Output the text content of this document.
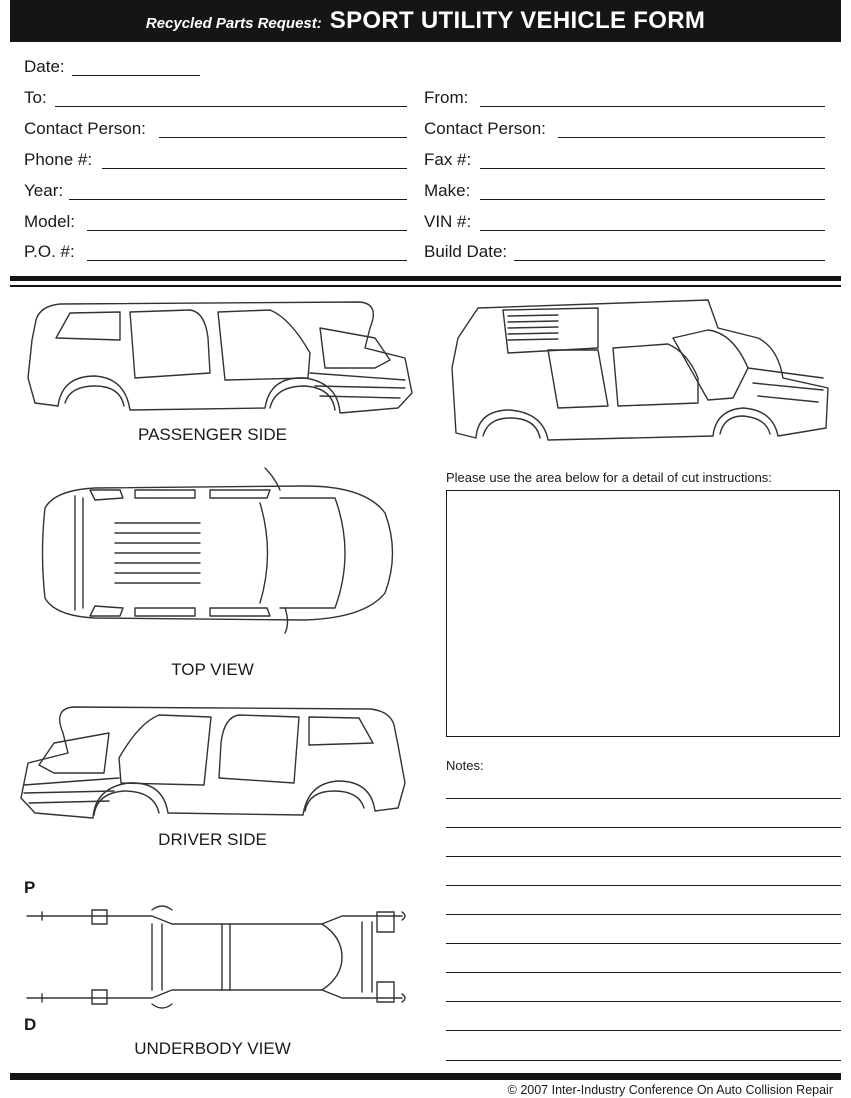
Recycled Parts Request: SPORT UTILITY VEHICLE FORM
Date:
To:	From:
Contact Person:	Contact Person:
Phone #:	Fax #:
Year:	Make:
Model:	VIN #:
P.O. #:	Build Date:
PASSENGER SIDE
TOP VIEW
DRIVER SIDE
P
D
UNDERBODY VIEW
Please use the area below for a detail of cut instructions:
Notes:
© 2007 Inter-Industry Conference On Auto Collision Repair
